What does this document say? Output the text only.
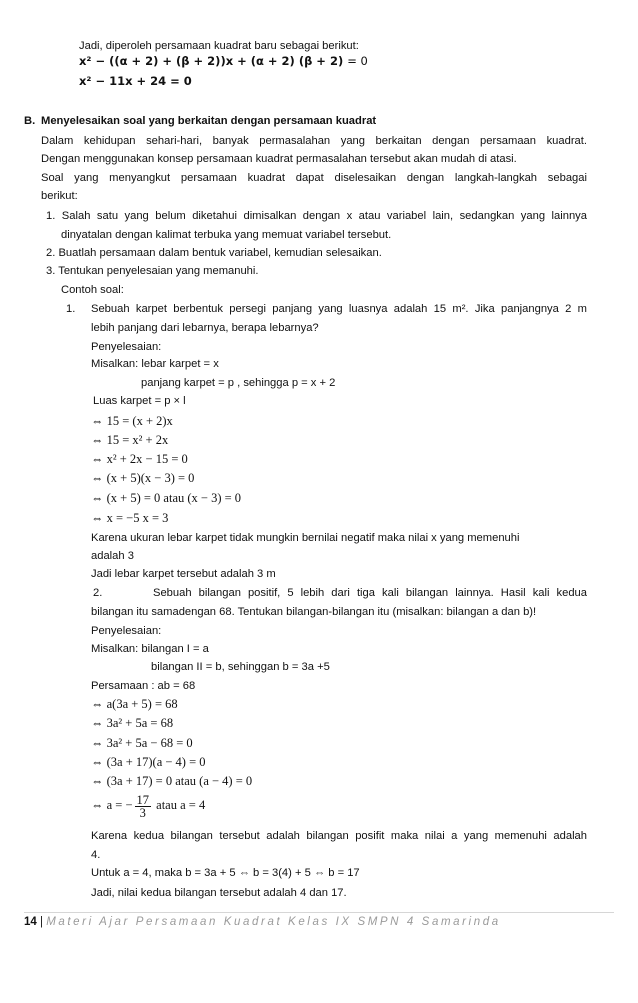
Jadi, diperoleh persamaan kuadrat baru sebagai berikut:
x² − ((α + 2) + (β + 2))x + (α + 2) (β + 2) = 0
x² − 11x + 24 = 0
B. Menyelesaikan soal yang berkaitan dengan persamaan kuadrat
Dalam kehidupan sehari-hari, banyak permasalahan yang berkaitan dengan persamaan kuadrat.
Dengan menggunakan konsep persamaan kuadrat permasalahan tersebut akan mudah di atasi.
Soal yang menyangkut persamaan kuadrat dapat diselesaikan dengan langkah-langkah sebagai
berikut:
1. Salah satu yang belum diketahui dimisalkan dengan x atau variabel lain, sedangkan yang lainnya
dinyatalan dengan kalimat terbuka yang memuat variabel tersebut.
2. Buatlah persamaan dalam bentuk variabel, kemudian selesaikan.
3. Tentukan penyelesaian yang memanuhi.
Contoh soal:
1. Sebuah karpet berbentuk persegi panjang yang luasnya adalah 15 m². Jika panjangnya 2 m
lebih panjang dari lebarnya, berapa lebarnya?
Penyelesaian:
Misalkan: lebar karpet = x
panjang karpet = p , sehingga p = x + 2
Luas karpet = p × l
⇔ 15 = (x + 2)x
⇔ 15 = x² + 2x
⇔ x² + 2x − 15 = 0
⇔ (x + 5)(x − 3) = 0
⇔ (x + 5) = 0 atau (x − 3) = 0
⇔ x = −5 x = 3
Karena ukuran lebar karpet tidak mungkin bernilai negatif maka nilai x yang memenuhi
adalah 3
Jadi lebar karpet tersebut adalah 3 m
2.	Sebuah bilangan positif, 5 lebih dari tiga kali bilangan lainnya. Hasil kali kedua
bilangan itu samadengan 68. Tentukan bilangan-bilangan itu (misalkan: bilangan a dan b)!
Penyelesaian:
Misalkan: bilangan I = a
bilangan II = b, sehinggan b = 3a +5
Persamaan : ab = 68
⇔ a(3a + 5) = 68
⇔ 3a² + 5a = 68
⇔ 3a² + 5a − 68 = 0
⇔ (3a + 17)(a − 4) = 0
⇔ (3a + 17) = 0 atau (a − 4) = 0
⇔ a = − $\frac{17}{3}$ atau a = 4
Karena kedua bilangan tersebut adalah bilangan posifit maka nilai a yang memenuhi adalah
4.
Untuk a = 4, maka b = 3a + 5 ⇔ b = 3(4) + 5 ⇔ b = 17
Jadi, nilai kedua bilangan tersebut adalah 4 dan 17.
14 | Materi Ajar Persamaan Kuadrat Kelas IX SMPN 4 Samarinda
